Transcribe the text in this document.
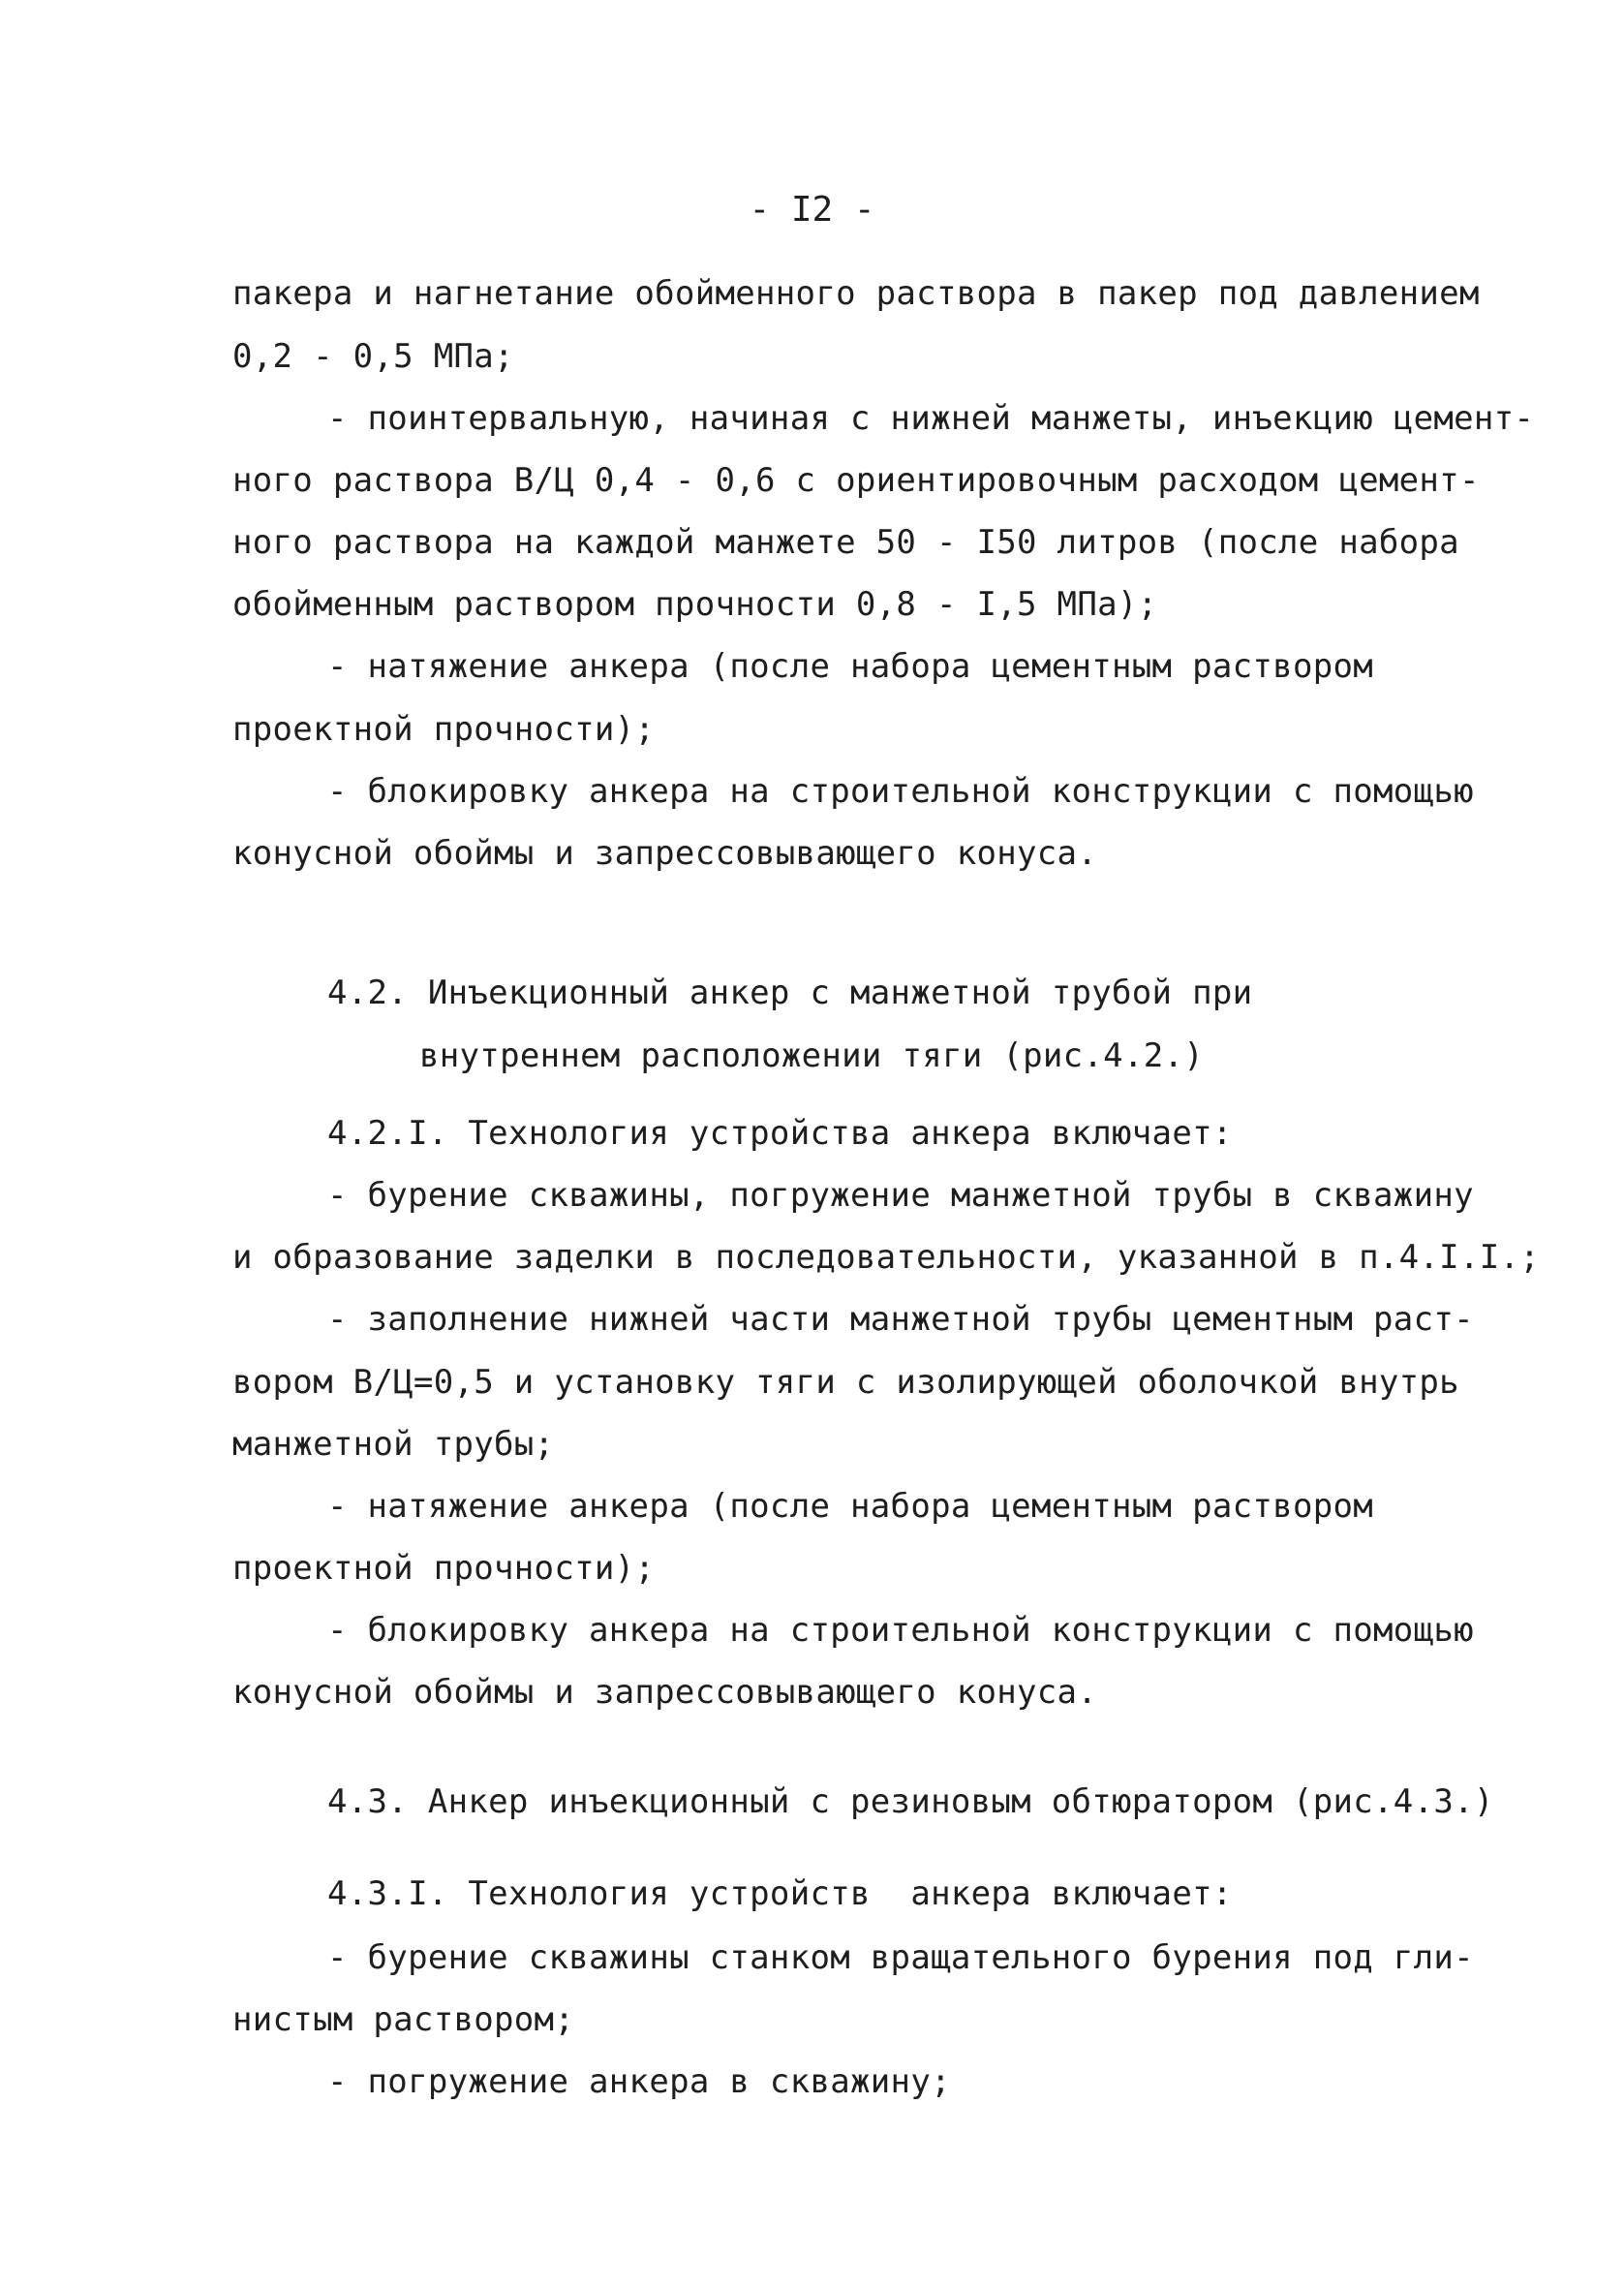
- I2 -
пакера и нагнетание обойменного раствора в пакер под давлением
0,2 - 0,5 МПа;
- поинтервальную, начиная с нижней манжеты, инъекцию цемент-
ного раствора В/Ц 0,4 - 0,6 с ориентировочным расходом цемент-
ного раствора на каждой манжете 50 - I50 литров (после набора
обойменным раствором прочности 0,8 - I,5 МПа);
- натяжение анкера (после набора цементным раствором
проектной прочности);
- блокировку анкера на строительной конструкции с помощью
конусной обоймы и запрессовывающего конуса.
4.2. Инъекционный анкер с манжетной трубой при
внутреннем расположении тяги (рис.4.2.)
4.2.I. Технология устройства анкера включает:
- бурение скважины, погружение манжетной трубы в скважину
и образование заделки в последовательности, указанной в п.4.I.I.;
- заполнение нижней части манжетной трубы цементным раст-
вором В/Ц=0,5 и установку тяги с изолирующей оболочкой внутрь
манжетной трубы;
- натяжение анкера (после набора цементным раствором
проектной прочности);
- блокировку анкера на строительной конструкции с помощью
конусной обоймы и запрессовывающего конуса.
4.3. Анкер инъекционный с резиновым обтюратором (рис.4.3.)
4.3.I. Технология устройств  анкера включает:
- бурение скважины станком вращательного бурения под гли-
нистым раствором;
- погружение анкера в скважину;
